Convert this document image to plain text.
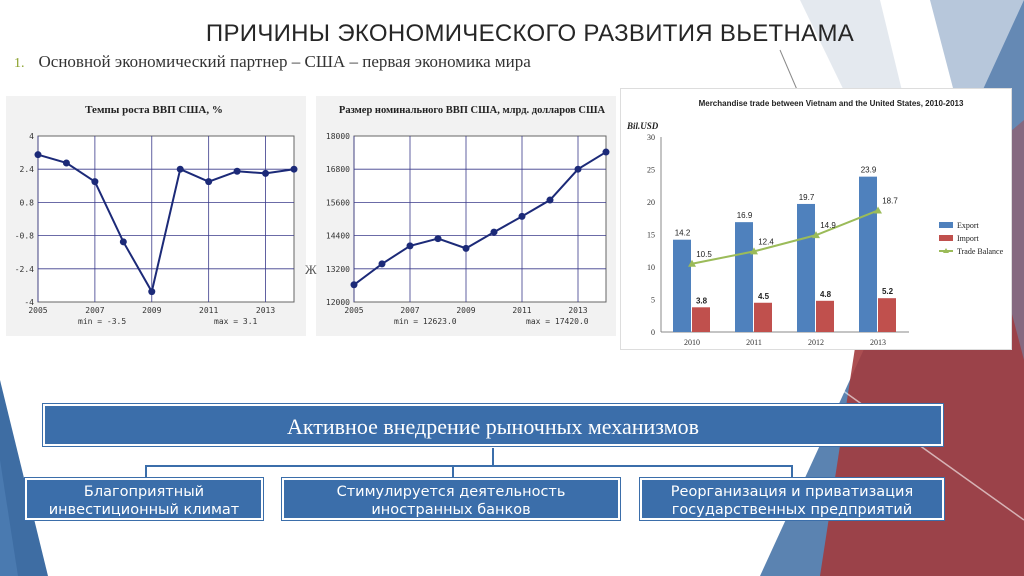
ПРИЧИНЫ ЭКОНОМИЧЕСКОГО РАЗВИТИЯ ВЬЕТНАМА
1. Основной экономический партнер – США – первая экономика мира
Темпы роста ВВП США, %
4
2.4
0.8
-0.8
-2.4
-4
2005	2007	2009	2011	2013
min = -3.5	max = 3.1
Размер номинального ВВП США, млрд. долларов США
18000
16800
15600
14400
13200
12000
2005	2007	2009	2011	2013
min = 12623.0	max = 17420.0
Ж
Merchandise trade between Vietnam and the United States, 2010-2013
Bil.USD
0
5
10
15
20
25
30
2010
14.2
3.8
2011
16.9
4.5
2012
19.7
4.8
2013
23.9
5.2
10.5
12.4
14.9
18.7
Export
Import
Trade Balance
Активное внедрение рыночных механизмов
Благоприятный инвестиционный климат
Стимулируется деятельность иностранных банков
Реорганизация и приватизация государственных предприятий
